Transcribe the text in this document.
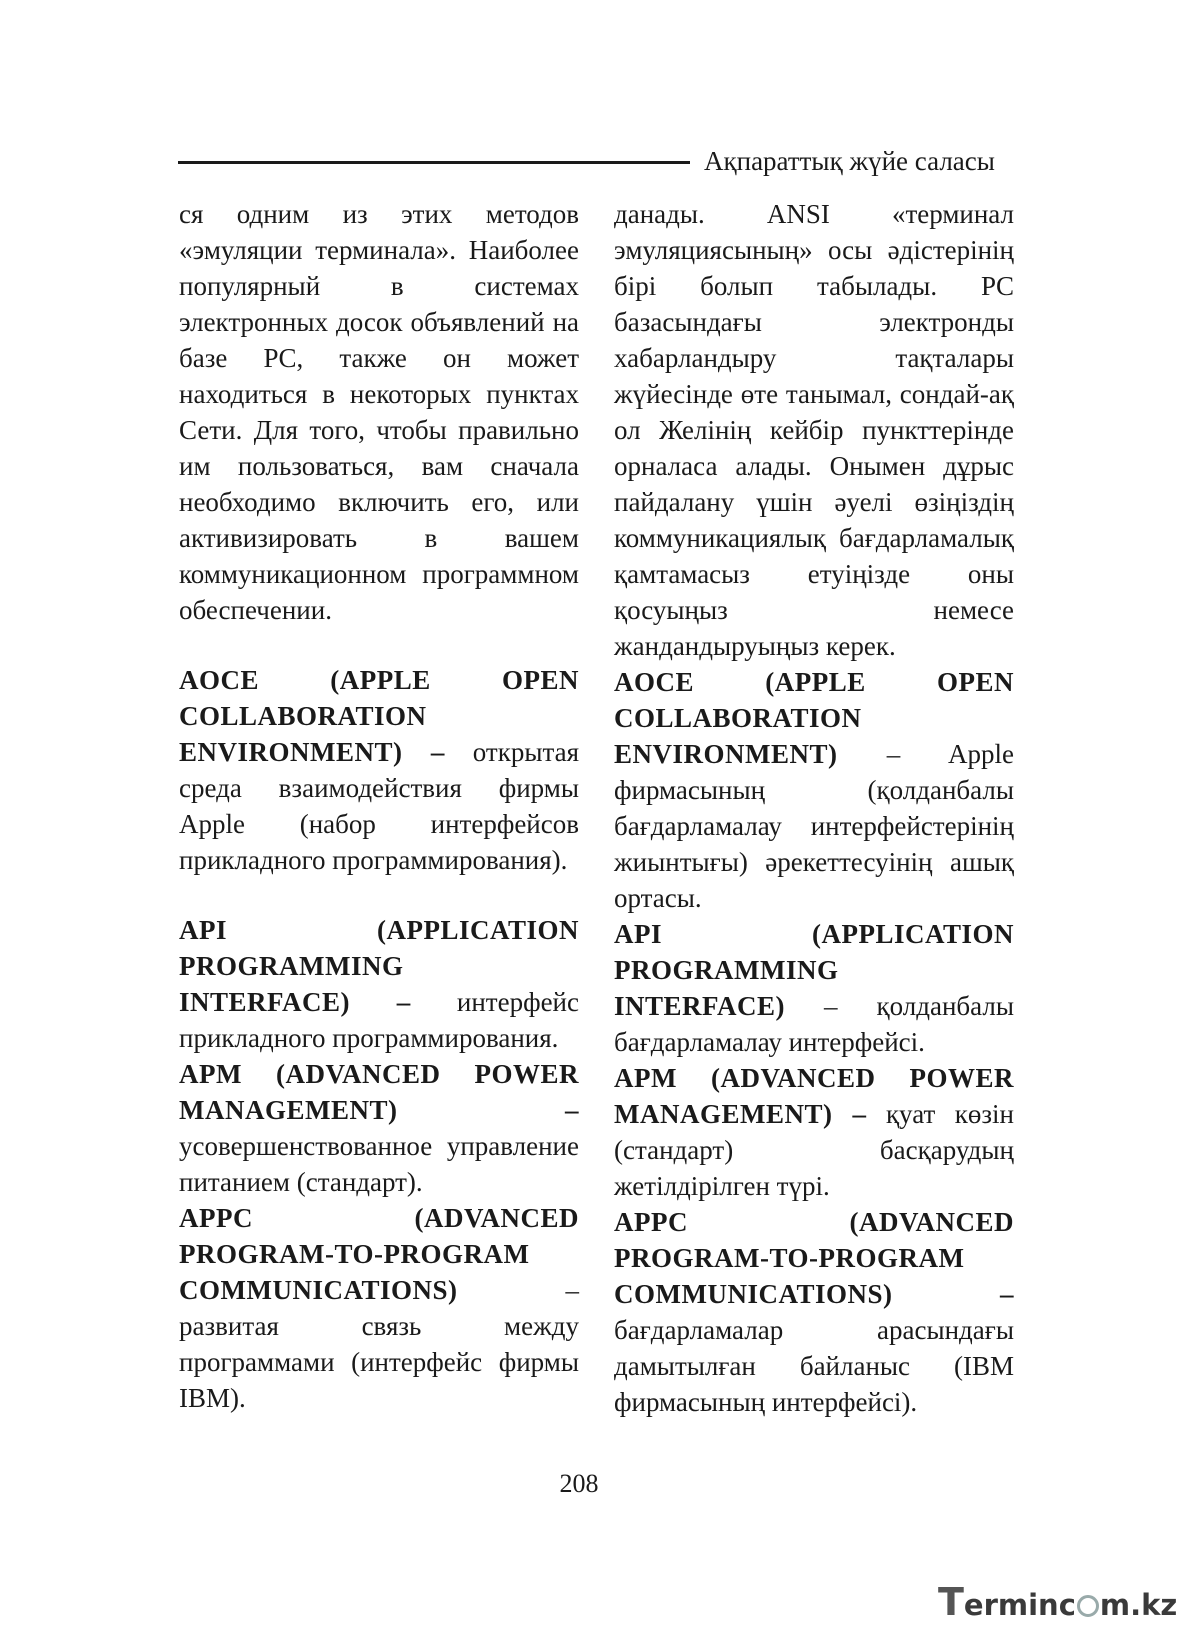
Ақпараттық жүйе саласы

ся одним из этих методов «эмуляции терминала». Наиболее популярный в системах электронных досок объявлений на базе PC, также он может находиться в некоторых пунктах Сети. Для того, чтобы правильно им пользоваться, вам сначала необходимо включить его, или активизировать в вашем коммуникационном программном обеспечении.

AOCE (APPLE OPEN COLLABORATION ENVIRONMENT) – открытая среда взаимодействия фирмы Apple (набор интерфейсов прикладного программирования).

API (APPLICATION PROGRAMMING INTERFACE) – интерфейс прикладного программирования.

APM (ADVANCED POWER MANAGEMENT) – усовершенствованное управление питанием (стандарт).

APPC (ADVANCED PROGRAM-TO-PROGRAM COMMUNICATIONS) – развитая связь между программами (интерфейс фирмы IBM).

данады. ANSI «терминал эмуляциясының» осы әдістерінің бірі болып табылады. PC базасындағы электронды хабарландыру тақталары жүйесінде өте танымал, сондай-ақ ол Желінің кейбір пункттерінде орналаса алады. Онымен дұрыс пайдалану үшін әуелі өзіңіздің коммуникациялық бағдарламалық қамтамасыз етуіңізде оны қосуыңыз немесе жандандыруыңыз керек.

AOCE (APPLE OPEN COLLABORATION ENVIRONMENT) – Apple фирмасының (қолданбалы бағдарламалау интерфейстерінің жиынтығы) әрекеттесуінің ашық ортасы.

API (APPLICATION PROGRAMMING INTERFACE) – қолданбалы бағдарламалау интерфейсі.

APM (ADVANCED POWER MANAGEMENT) – қуат көзін (стандарт) басқарудың жетілдірілген түрі.

APPC (ADVANCED PROGRAM-TO-PROGRAM COMMUNICATIONS) – бағдарламалар арасындағы дамытылған байланыс (IBM фирмасының интерфейсі).

208
Terminc m.kz
